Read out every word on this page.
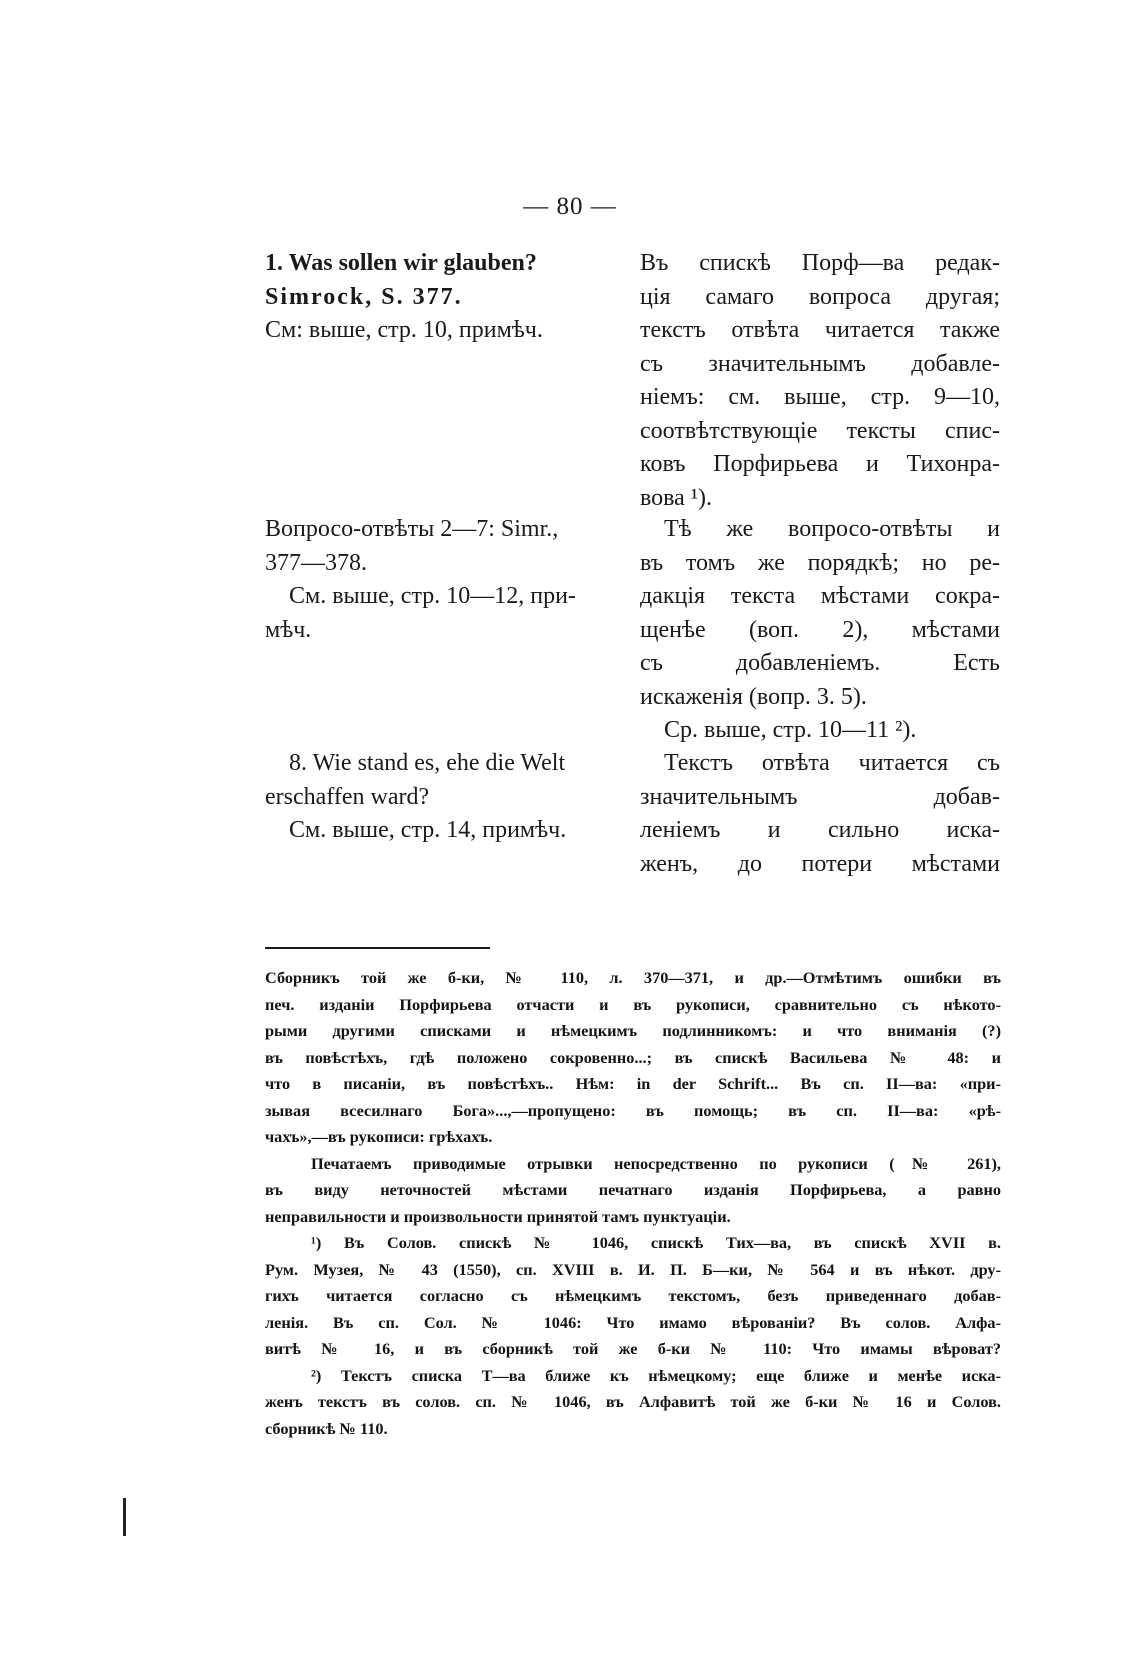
— 80 —
1. Was sollen wir glauben?
Simrock, S. 377.
См: выше, стр. 10, примѣч.
Въ спискѣ Порф—ва редак-
ція самаго вопроса другая;
текстъ отвѣта читается также
съ значительнымъ добавле-
ніемъ: см. выше, стр. 9—10,
соотвѣтствующіе тексты спис-
ковъ Порфирьева и Тихонра-
вова ¹).
Вопросо-отвѣты 2—7: Simr.,
377—378.
См. выше, стр. 10—12, при-
мѣч.
Тѣ же вопросо-отвѣты и
въ томъ же порядкѣ; но ре-
дакція текста мѣстами сокра-
щенѣе (воп. 2), мѣстами
съ добавленіемъ. Есть
искаженія (вопр. 3. 5).
Ср. выше, стр. 10—11 ²).
8. Wie stand es, ehe die Welt
erschaffen ward?
См. выше, стр. 14, примѣч.
Текстъ отвѣта читается съ
значительнымъ добав-
леніемъ и сильно иска-
женъ, до потери мѣстами
Сборникъ той же б-ки, № 110, л. 370—371, и др.—Отмѣтимъ ошибки въ
печ. изданіи Порфирьева отчасти и въ рукописи, сравнительно съ нѣкото-
рыми другими списками и нѣмецкимъ подлинникомъ: и что вниманія (?)
въ повѣстѣхъ, гдѣ положено сокровенно...; въ спискѣ Васильева № 48: и
что в писаніи, въ повѣстѣхъ.. Нѣм: in der Schrift... Въ сп. II—ва: «при-
зывая всесилнаго Бога»...,—пропущено: въ помощь; въ сп. II—ва: «рѣ-
чахъ»,—въ рукописи: грѣхахъ.
Печатаемъ приводимые отрывки непосредственно по рукописи (№ 261),
въ виду неточностей мѣстами печатнаго изданія Порфирьева, а равно
неправильности и произвольности принятой тамъ пунктуаціи.
¹) Въ Солов. спискѣ № 1046, спискѣ Тих—ва, въ спискѣ XVII в.
Рум. Музея, № 43 (1550), сп. XVIII в. И. П. Б—ки, № 564 и въ нѣкот. дру-
гихъ читается согласно съ нѣмецкимъ текстомъ, безъ приведеннаго добав-
ленія. Въ сп. Сол. № 1046: Что имамо вѣрованіи? Въ солов. Алфа-
витѣ № 16, и въ сборникѣ той же б-ки № 110: Что имамы вѣроват?
²) Текстъ списка Т—ва ближе къ нѣмецкому; еще ближе и менѣе иска-
женъ текстъ въ солов. сп. № 1046, въ Алфавитѣ той же б-ки № 16 и Солов.
сборникѣ № 110.
